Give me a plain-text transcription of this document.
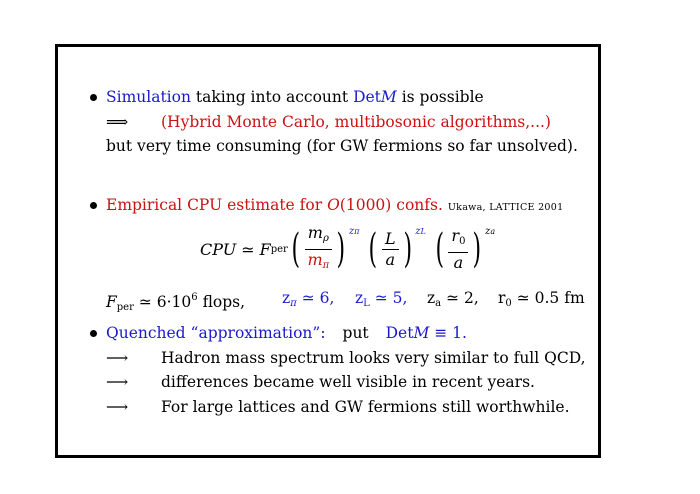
Simulation taking into account DetM is possible
⟹ (Hybrid Monte Carlo, multibosonic algorithms,...)
but very time consuming (for GW fermions so far unsolved).
Empirical CPU estimate for O(1000) confs. Ukawa, LATTICE 2001
CPU ≃ F per ( $\frac{m_\rho}{m_\pi}$ ) zπ ( $\frac{L}{a}$ ) zL ( $\frac{r_0}{a}$ ) za
$F_{per}$ ≃ $6\cdot 10^6$ flops, $z_\pi$ ≃ 6, $z_L$ ≃ 5, $z_a$ ≃ 2, $r_0$ ≃ 0.5 fm
Quenched “approximation”: put DetM ≡ 1.
⟶ Hadron mass spectrum looks very similar to full QCD,
⟶ differences became well visible in recent years.
⟶ For large lattices and GW fermions still worthwhile.
